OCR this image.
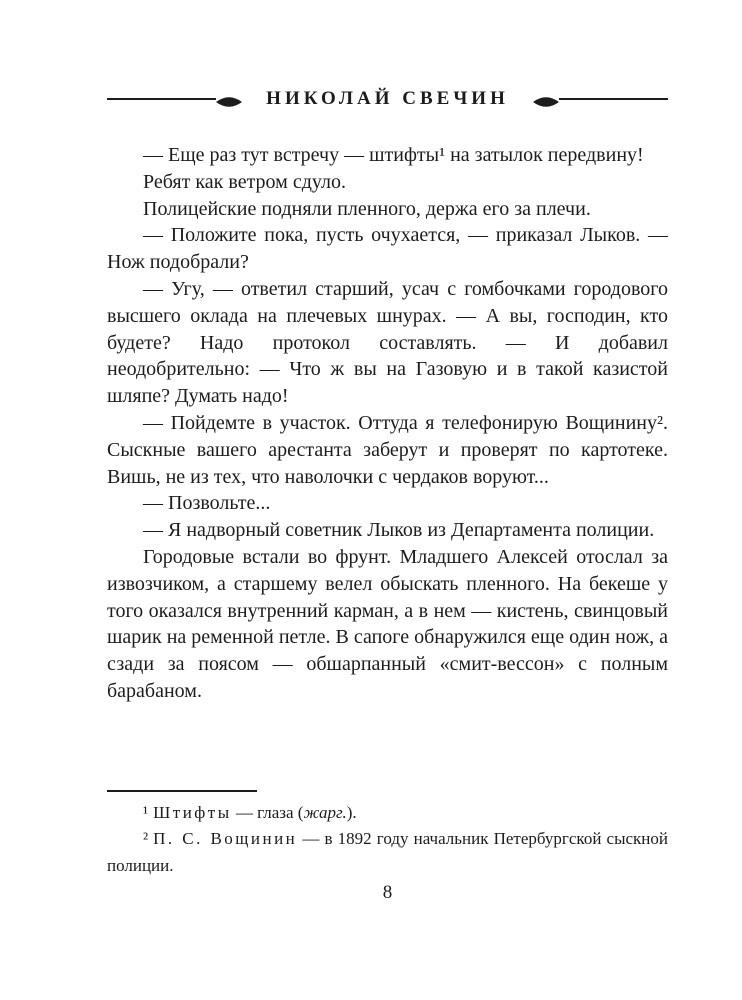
НИКОЛАЙ СВЕЧИН

— Еще раз тут встречу — штифты¹ на затылок передвину!

Ребят как ветром сдуло.

Полицейские подняли пленного, держа его за плечи.

— Положите пока, пусть очухается, — приказал Лыков. — Нож подобрали?

— Угу, — ответил старший, усач с гомбочками городового высшего оклада на плечевых шнурах. — А вы, господин, кто будете? Надо протокол составлять. — И добавил неодобрительно: — Что ж вы на Газовую и в такой казистой шляпе? Думать надо!

— Пойдемте в участок. Оттуда я телефонирую Вощинину². Сыскные вашего арестанта заберут и проверят по картотеке. Вишь, не из тех, что наволочки с чердаков воруют...

— Позвольте...

— Я надворный советник Лыков из Департамента полиции.

Городовые встали во фрунт. Младшего Алексей отослал за извозчиком, а старшему велел обыскать пленного. На бекеше у того оказался внутренний карман, а в нем — кистень, свинцовый шарик на ременной петле. В сапоге обнаружился еще один нож, а сзади за поясом — обшарпанный «смит-вессон» с полным барабаном.

¹ Штифты — глаза (жарг.).

² П. С. Вощинин — в 1892 году начальник Петербургской сыскной полиции.

8
